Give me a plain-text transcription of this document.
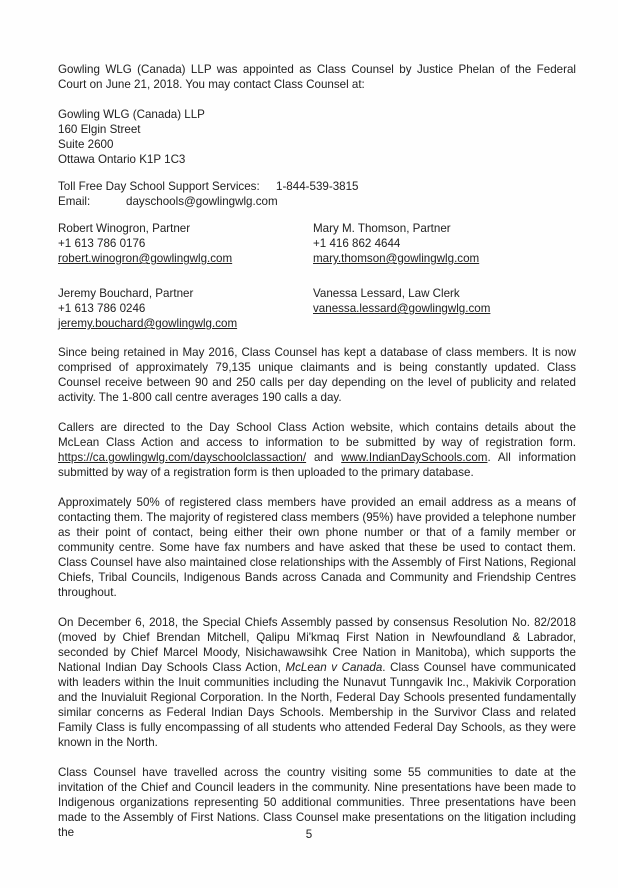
Gowling WLG (Canada) LLP was appointed as Class Counsel by Justice Phelan of the Federal Court on June 21, 2018. You may contact Class Counsel at:

Gowling WLG (Canada) LLP
160 Elgin Street
Suite 2600
Ottawa Ontario K1P 1C3
Toll Free Day School Support Services: 1-844-539-3815
Email:	dayschools@gowlingwlg.com
Robert Winogron, Partner
+1 613 786 0176
robert.winogron@gowlingwlg.com
Mary M. Thomson, Partner
+1 416 862 4644
mary.thomson@gowlingwlg.com
Jeremy Bouchard, Partner
+1 613 786 0246
jeremy.bouchard@gowlingwlg.com
Vanessa Lessard, Law Clerk
vanessa.lessard@gowlingwlg.com

Since being retained in May 2016, Class Counsel has kept a database of class members. It is now comprised of approximately 79,135 unique claimants and is being constantly updated. Class Counsel receive between 90 and 250 calls per day depending on the level of publicity and related activity. The 1-800 call centre averages 190 calls a day.

Callers are directed to the Day School Class Action website, which contains details about the McLean Class Action and access to information to be submitted by way of registration form. https://ca.gowlingwlg.com/dayschoolclassaction/ and www.IndianDaySchools.com. All information submitted by way of a registration form is then uploaded to the primary database.

Approximately 50% of registered class members have provided an email address as a means of contacting them. The majority of registered class members (95%) have provided a telephone number as their point of contact, being either their own phone number or that of a family member or community centre. Some have fax numbers and have asked that these be used to contact them. Class Counsel have also maintained close relationships with the Assembly of First Nations, Regional Chiefs, Tribal Councils, Indigenous Bands across Canada and Community and Friendship Centres throughout.

On December 6, 2018, the Special Chiefs Assembly passed by consensus Resolution No. 82/2018 (moved by Chief Brendan Mitchell, Qalipu Mi'kmaq First Nation in Newfoundland & Labrador, seconded by Chief Marcel Moody, Nisichawawsihk Cree Nation in Manitoba), which supports the National Indian Day Schools Class Action, McLean v Canada. Class Counsel have communicated with leaders within the Inuit communities including the Nunavut Tunngavik Inc., Makivik Corporation and the Inuvialuit Regional Corporation. In the North, Federal Day Schools presented fundamentally similar concerns as Federal Indian Days Schools. Membership in the Survivor Class and related Family Class is fully encompassing of all students who attended Federal Day Schools, as they were known in the North.

Class Counsel have travelled across the country visiting some 55 communities to date at the invitation of the Chief and Council leaders in the community. Nine presentations have been made to Indigenous organizations representing 50 additional communities. Three presentations have been made to the Assembly of First Nations. Class Counsel make presentations on the litigation including the	5
